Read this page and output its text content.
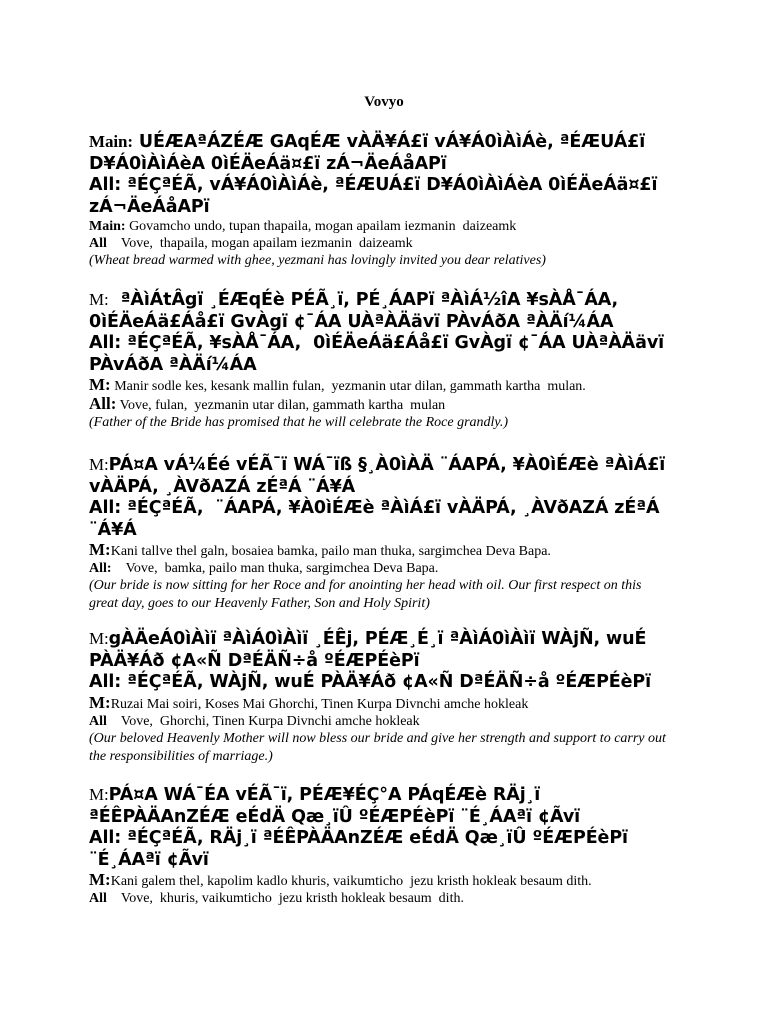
Vovyo
Main: UÉÆAªÁZÉÆ GAqÉÆ vÀÄ¥Á£ï vÁ¥Á0ìÀìÁè, ªÉÆUÁ£ï D¥Á0ìÀìÁèA 0ìÉÄeÁä¤£ï zÁ¬ÄeÁåAPï
All: ªÉÇªÉÃ, vÁ¥Á0ìÀìÁè, ªÉÆUÁ£ï D¥Á0ìÀìÁèA 0ìÉÄeÁä¤£ï zÁ¬ÄeÁåAPï
Main: Govamcho undo, tupan thapaila, mogan apailam iezmanin  daizeamk
All Vove,  thapaila, mogan apailam iezmanin  daizeamk
(Wheat bread warmed with ghee, yezmani has lovingly invited you dear relatives)
M:  ªÀìÁtÂgï ¸ÉÆqÉè PÉÃ¸ï, PÉ¸ÁAPï ªÀìÁ½îA ¥sÀÅ¯ÁA, 0ìÉÄeÁä£Áå£ï GvÀgï ¢¯ÁA UÀªÀÄävï PÀvÁðA ªÀÄí¼ÁA
All: ªÉÇªÉÃ, ¥sÀÅ¯ÁA,  0ìÉÄeÁä£Áå£ï GvÀgï ¢¯ÁA UÀªÀÄävï PÀvÁðA ªÀÄí¼ÁA
M: Manir sodle kes, kesank mallin fulan,  yezmanin utar dilan, gammath kartha  mulan.
All: Vove, fulan,  yezmanin utar dilan, gammath kartha  mulan
(Father of the Bride has promised that he will celebrate the Roce grandly.)
M:PÁ¤A vÁ¼Éé vÉÃ¯ï WÁ¯ïß §¸À0ìÀÄ ¨ÁAPÁ, ¥À0ìÉÆè ªÀìÁ£ï vÀÄPÁ, ¸ÀVðAZÁ zÉªÁ ¨Á¥Á
All: ªÉÇªÉÃ,  ¨ÁAPÁ, ¥À0ìÉÆè ªÀìÁ£ï vÀÄPÁ, ¸ÀVðAZÁ zÉªÁ ¨Á¥Á
M:Kani tallve thel galn, bosaiea bamka, pailo man thuka, sargimchea Deva Bapa.
All: Vove,  bamka, pailo man thuka, sargimchea Deva Bapa.
(Our bride is now sitting for her Roce and for anointing her head with oil. Our first respect on this great day, goes to our Heavenly Father, Son and Holy Spirit)
M:gÀÄeÁ0ìÀìï ªÀìÁ0ìÀìï ¸ÉÊj, PÉÆ¸É¸ï ªÀìÁ0ìÀìï WÀjÑ, wuÉ PÀÄ¥Áð ¢A«Ñ DªÉÄÑ÷å ºÉÆPÉèPï
All: ªÉÇªÉÃ, WÀjÑ, wuÉ PÀÄ¥Áð ¢A«Ñ DªÉÄÑ÷å ºÉÆPÉèPï
M:Ruzai Mai soiri, Koses Mai Ghorchi, Tinen Kurpa Divnchi amche hokleak
All Vove,  Ghorchi, Tinen Kurpa Divnchi amche hokleak
(Our beloved Heavenly Mother will now bless our bride and give her strength and support to carry out the responsibilities of marriage.)
M:PÁ¤A WÁ¯ÉA vÉÃ¯ï, PÉÆ¥ÉÇ°A PÁqÉÆè RÄj¸ï ªÉÊPÀÄAnZÉÆ eÉdÄ Qæ¸ïÛ ºÉÆPÉèPï ¨É¸ÁAªï ¢Ãvï
All: ªÉÇªÉÃ, RÄj¸ï ªÉÊPÀÄAnZÉÆ eÉdÄ Qæ¸ïÛ ºÉÆPÉèPï ¨É¸ÁAªï ¢Ãvï
M:Kani galem thel, kapolim kadlo khuris, vaikumticho  jezu kristh hokleak besaum dith.
All Vove,  khuris, vaikumticho  jezu kristh hokleak besaum  dith.
